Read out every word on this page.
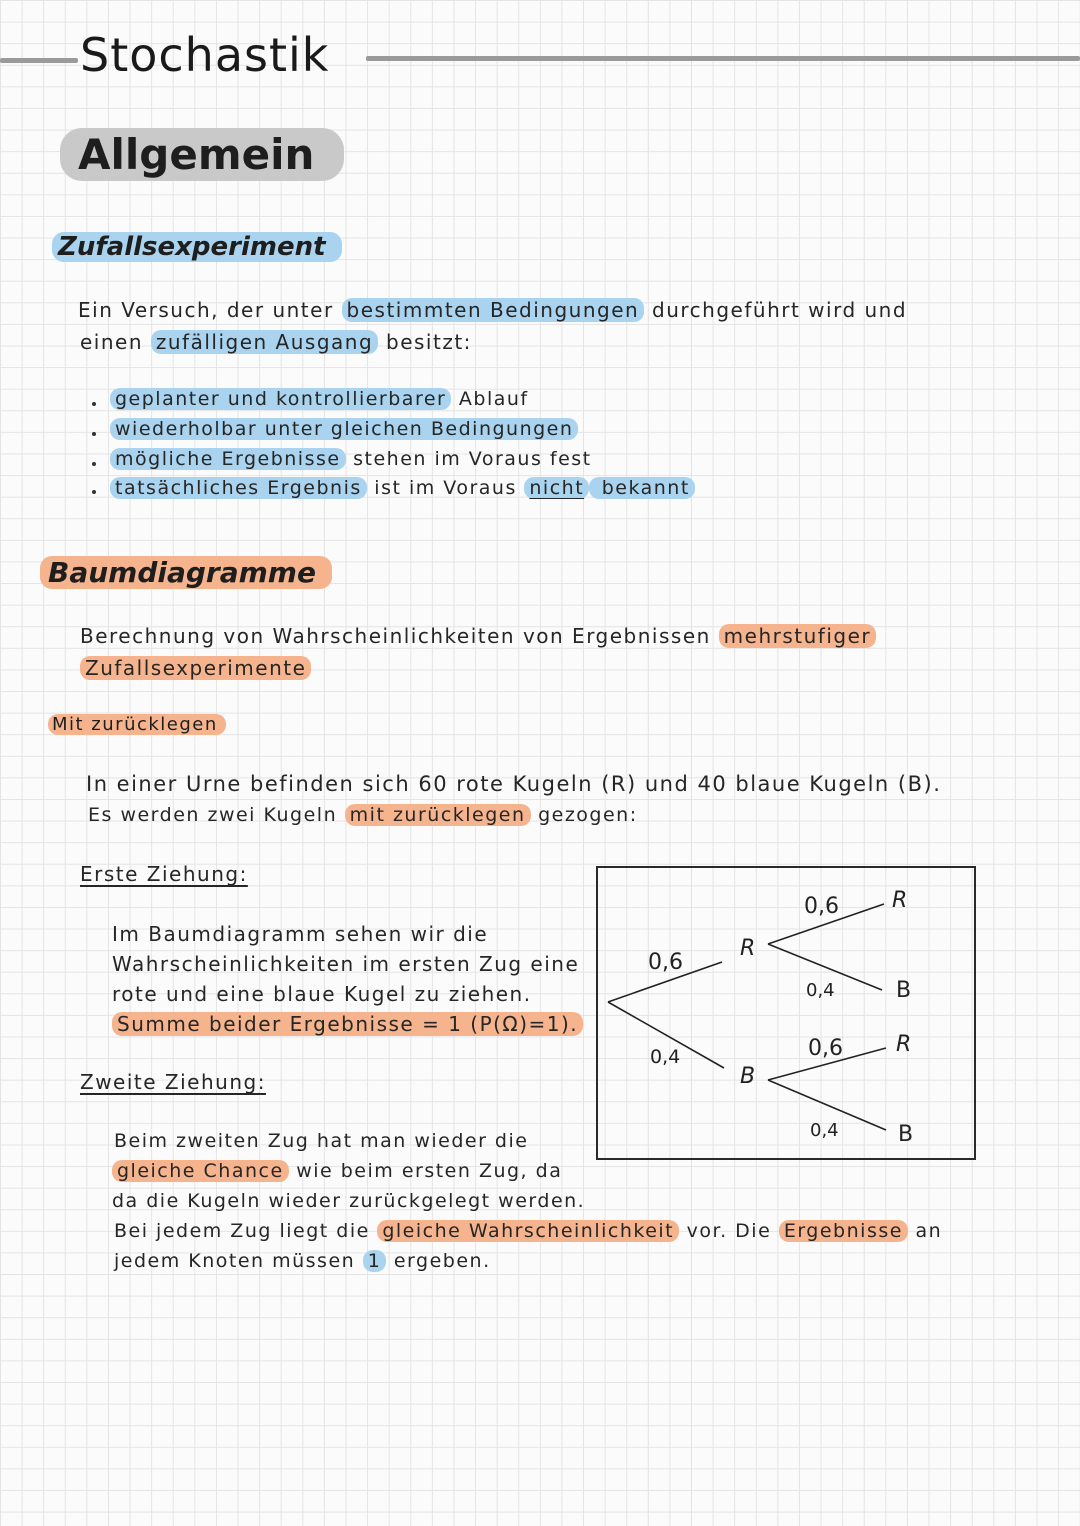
Stochastik
Allgemein
Zufallsexperiment
Ein Versuch, der unter bestimmten Bedingungen durchgeführt wird und
einen zufälligen Ausgang besitzt:
geplanter und kontrollierbarer Ablauf
wiederholbar unter gleichen Bedingungen
mögliche Ergebnisse stehen im Voraus fest
tatsächliches Ergebnis ist im Voraus nicht bekannt
Baumdiagramme
Berechnung von Wahrscheinlichkeiten von Ergebnissen mehrstufiger
Zufallsexperimente
Mit zurücklegen
In einer Urne befinden sich 60 rote Kugeln (R) und 40 blaue Kugeln (B).
Es werden zwei Kugeln mit zurücklegen gezogen:
Erste Ziehung:
Im Baumdiagramm sehen wir die
Wahrscheinlichkeiten im ersten Zug eine
rote und eine blaue Kugel zu ziehen.
Summe beider Ergebnisse = 1 (P(Ω)=1).
Zweite Ziehung:
Beim zweiten Zug hat man wieder die
gleiche Chance wie beim ersten Zug, da
da die Kugeln wieder zurückgelegt werden.
Bei jedem Zug liegt die gleiche Wahrscheinlichkeit vor. Die Ergebnisse an
jedem Knoten müssen 1 ergeben.
0,6
R
0,4
B
0,6 R
0,4	B
0,6 R
0,4	B
